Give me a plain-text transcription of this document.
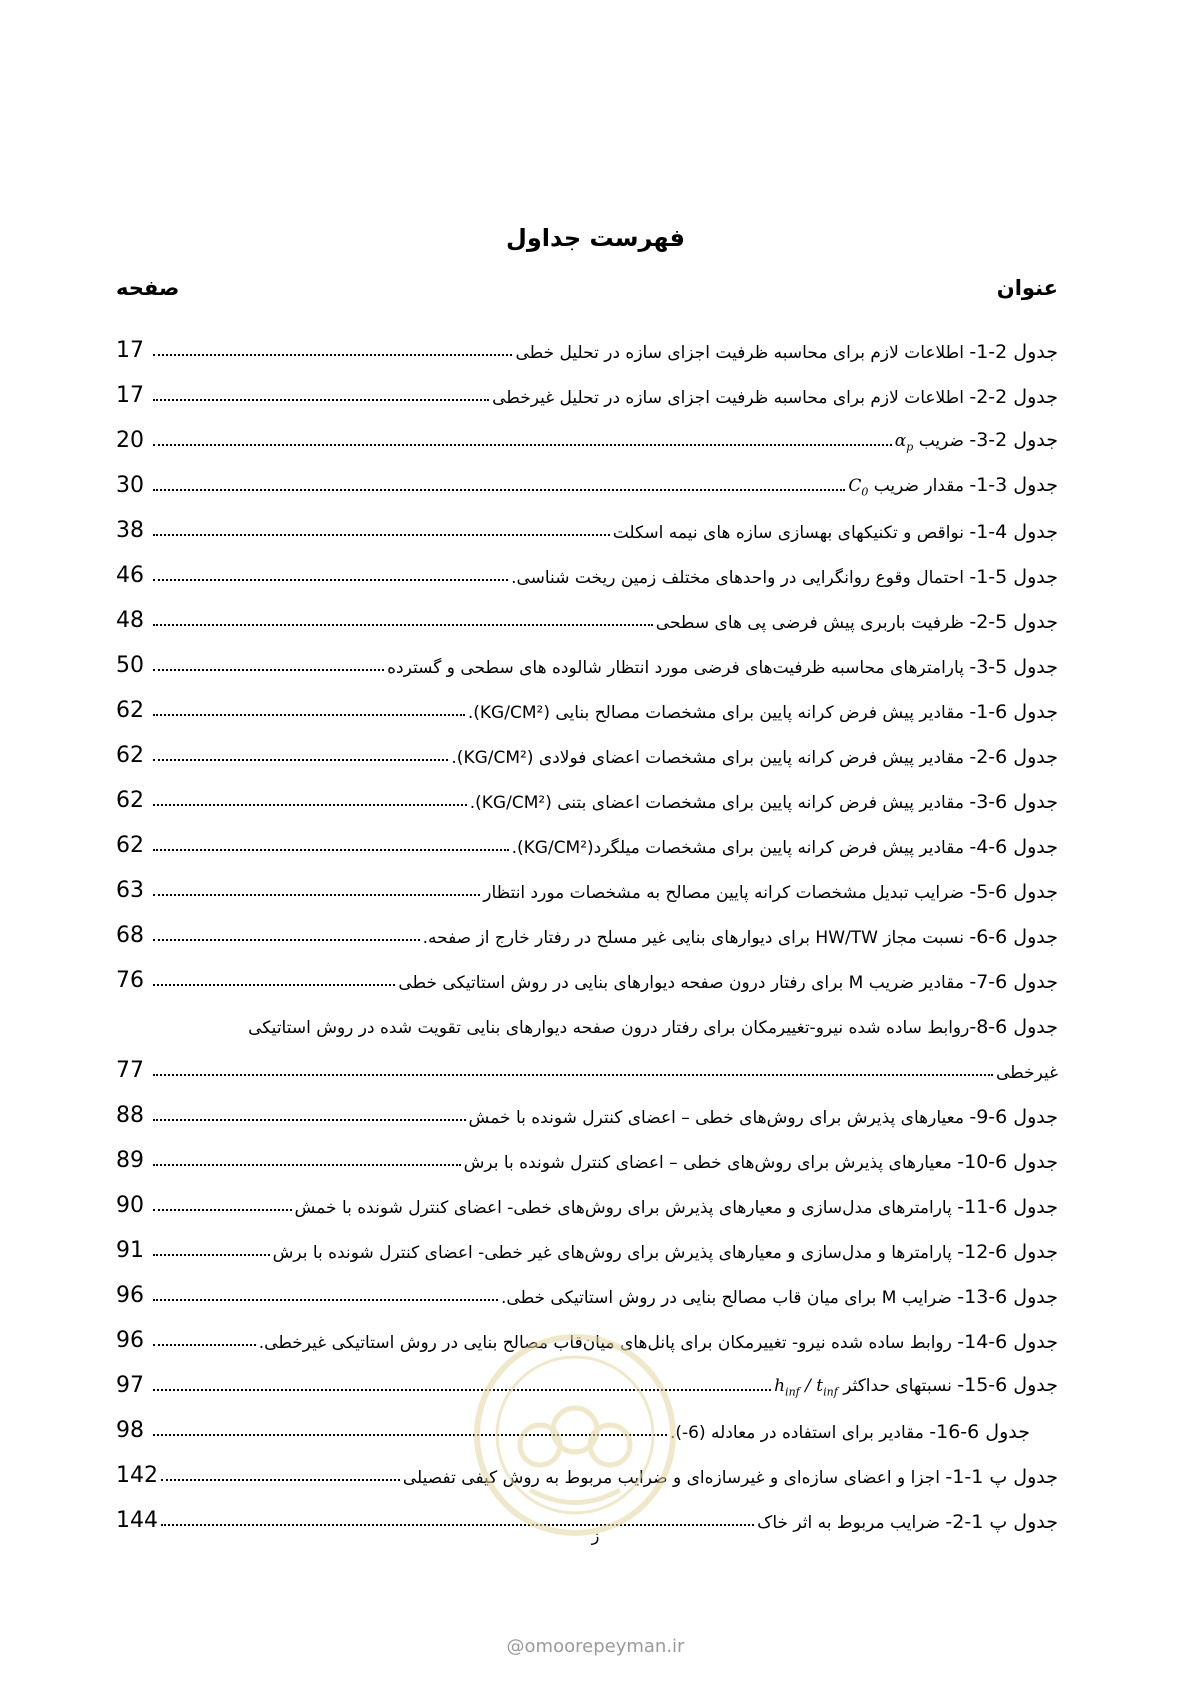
فهرست جداول
عنوان
صفحه
جدول 2-1- اطلاعات لازم برای محاسبه ظرفیت اجزای سازه در تحلیل خطی
17
جدول 2-2- اطلاعات لازم برای محاسبه ظرفیت اجزای سازه در تحلیل غیرخطی
17
جدول 2-3- ضریب $\alpha_p$
20
جدول 3-1- مقدار ضریب $C_0$
30
جدول 4-1- نواقص و تکنیکهای بهسازی سازه های نیمه اسکلت
38
جدول 5-1- احتمال وقوع روانگرایی در واحدهای مختلف زمین ریخت شناسی.
46
جدول 5-2- ظرفیت باربری پیش فرضی پی های سطحی
48
جدول 5-3- پارامترهای محاسبه ظرفیت‌های فرضی مورد انتظار شالوده های سطحی و گسترده
50
جدول 6-1- مقادیر پیش فرض کرانه پایین برای مشخصات مصالح بنایی (KG/CM²).
62
جدول 6-2- مقادیر پیش فرض کرانه پایین برای مشخصات اعضای فولادی (KG/CM²).
62
جدول 6-3- مقادیر پیش فرض کرانه پایین برای مشخصات اعضای بتنی (KG/CM²).
62
جدول 6-4- مقادیر پیش فرض کرانه پایین برای مشخصات میلگرد(KG/CM²).
62
جدول 6-5- ضرایب تبدیل مشخصات کرانه پایین مصالح به مشخصات مورد انتظار
63
جدول 6-6- نسبت مجاز HW/TW برای دیوارهای بنایی غیر مسلح در رفتار خارج از صفحه.
68
جدول 6-7- مقادیر ضریب M برای رفتار درون صفحه دیوارهای بنایی در روش استاتیکی خطی
76
جدول 6-8-
روابط ساده شده نیرو-تغییرمکان برای رفتار درون صفحه دیوارهای بنایی تقویت شده در روش استاتیکی
غیرخطی
77
جدول 6-9- معیارهای پذیرش برای روش‌های خطی – اعضای کنترل شونده با خمش
88
جدول 6-10- معیارهای پذیرش برای روش‌های خطی – اعضای کنترل شونده با برش
89
جدول 6-11- پارامترهای مدل‌سازی و معیارهای پذیرش برای روش‌های خطی- اعضای کنترل شونده با خمش
90
جدول 6-12- پارامترها و مدل‌سازی و معیارهای پذیرش برای روش‌های غیر خطی- اعضای کنترل شونده با برش
91
جدول 6-13- ضرایب M برای میان قاب مصالح بنایی در روش استاتیکی خطی.
96
جدول 6-14- روابط ساده شده نیرو- تغییرمکان برای پانل‌های میان‌قاب مصالح بنایی در روش استاتیکی غیرخطی.
96
جدول 6-15- نسبتهای حداکثر $h_{inf} / t_{inf}$
97
جدول 6-16- مقادیر برای استفاده در معادله (6-).
98
جدول پ 1-1- اجزا و اعضای سازه‌ای و غیرسازه‌ای و ضرایب مربوط به روش کیفی تفصیلی
142
جدول پ 1-2- ضرایب مربوط به اثر خاک
144
ز
@omoorepeyman.ir
